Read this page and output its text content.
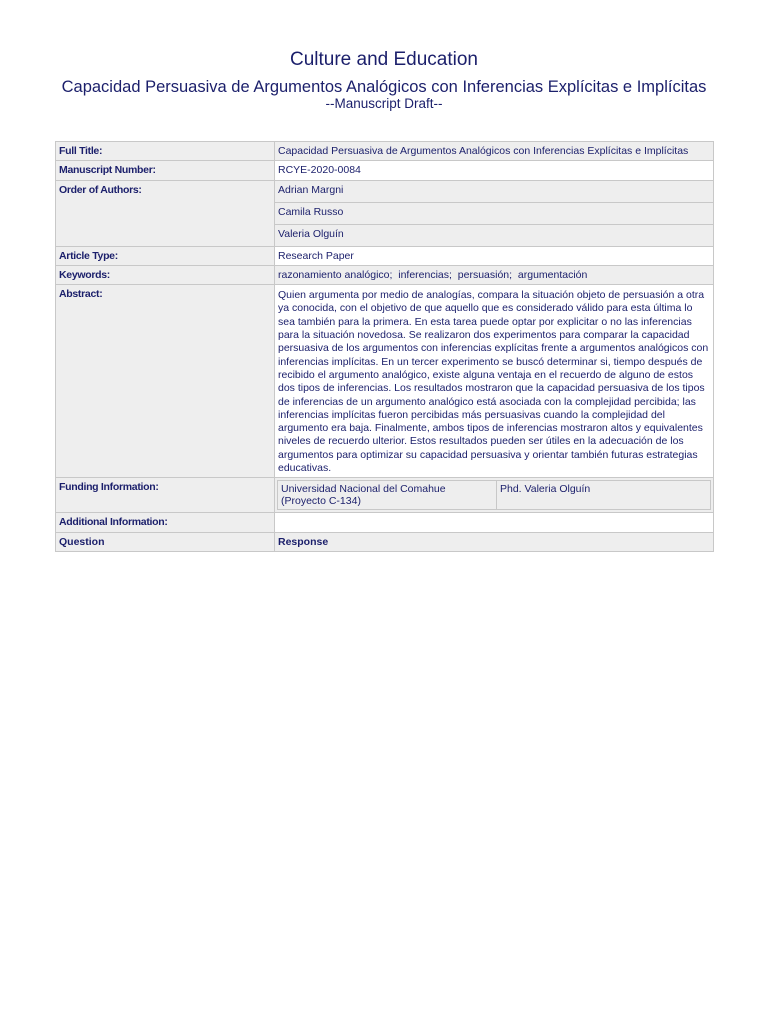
Culture and Education
Capacidad Persuasiva de Argumentos Analógicos con Inferencias Explícitas e Implícitas
--Manuscript Draft--
Full Title:	Capacidad Persuasiva de Argumentos Analógicos con Inferencias Explícitas e Implícitas
Manuscript Number:	RCYE-2020-0084
Order of Authors:	Adrian Margni
Camila Russo
Valeria Olguín
Article Type:	Research Paper
Keywords:	razonamiento analógico;  inferencias;  persuasión;  argumentación
Abstract:	Quien argumenta por medio de analogías, compara la situación objeto de persuasión a otra ya conocida, con el objetivo de que aquello que es considerado válido para esta última lo sea también para la primera. En esta tarea puede optar por explicitar o no las inferencias para la situación novedosa. Se realizaron dos experimentos para comparar la capacidad persuasiva de los argumentos con inferencias explícitas frente a argumentos analógicos con inferencias implícitas. En un tercer experimento se buscó determinar si, tiempo después de recibido el argumento analógico, existe alguna ventaja en el recuerdo de alguno de estos dos tipos de inferencias. Los resultados mostraron que la capacidad persuasiva de los tipos de inferencias de un argumento analógico está asociada con la complejidad percibida; las inferencias implícitas fueron percibidas más persuasivas cuando la complejidad del argumento era baja. Finalmente, ambos tipos de inferencias mostraron altos y equivalentes niveles de recuerdo ulterior. Estos resultados pueden ser útiles en la adecuación de los argumentos para optimizar su capacidad persuasiva y orientar también futuras estrategias educativas.
Funding Information:		Universidad Nacional del Comahue (Proyecto C-134)	Phd. Valeria Olguín

Additional Information:	
Question	Response
